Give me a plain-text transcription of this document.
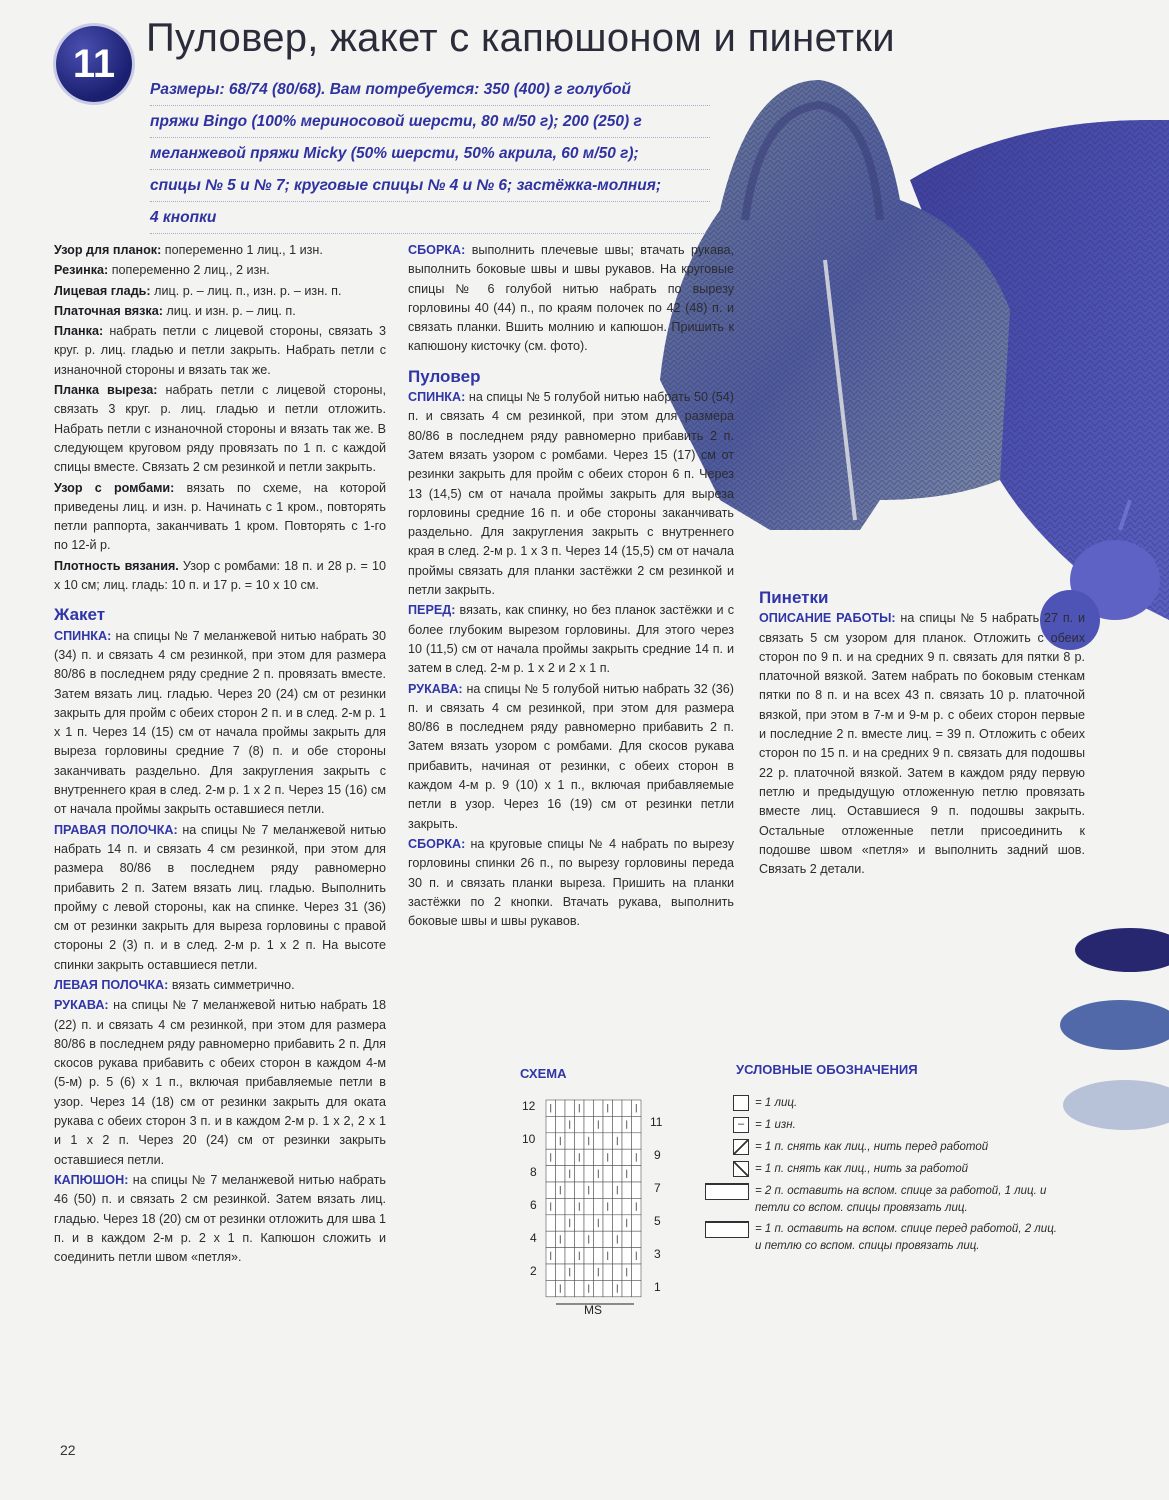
11
Пуловер, жакет с капюшоном и пинетки

Размеры: 68/74 (80/68). Вам потребуется: 350 (400) г голубой

пряжи Bingo (100% мериносовой шерсти, 80 м/50 г); 200 (250) г

меланжевой пряжи Micky (50% шерсти, 50% акрила, 60 м/50 г);

спицы № 5 и № 7; круговые спицы № 4 и № 6; застёжка-молния;

4 кнопки

Узор для планок: попеременно 1 лиц., 1 изн.

Резинка: попеременно 2 лиц., 2 изн.

Лицевая гладь: лиц. р. – лиц. п., изн. р. – изн. п.

Платочная вязка: лиц. и изн. р. – лиц. п.

Планка: набрать петли с лицевой стороны, связать 3 круг. р. лиц. гладью и петли закрыть. Набрать петли с изнаночной стороны и вязать так же.

Планка выреза: набрать петли с лицевой стороны, связать 3 круг. р. лиц. гладью и петли отложить. Набрать петли с изнаночной стороны и вязать так же. В следующем круговом ряду провязать по 1 п. с каждой спицы вместе. Связать 2 см резинкой и петли закрыть.

Узор с ромбами: вязать по схеме, на которой приведены лиц. и изн. р. Начинать с 1 кром., повторять петли раппорта, заканчивать 1 кром. Повторять с 1-го по 12-й р.

Плотность вязания. Узор с ромбами: 18 п. и 28 р. = 10 х 10 см; лиц. гладь: 10 п. и 17 р. = 10 х 10 см.

Жакет

СПИНКА: на спицы № 7 меланжевой нитью набрать 30 (34) п. и связать 4 см резинкой, при этом для размера 80/86 в последнем ряду средние 2 п. провязать вместе. Затем вязать лиц. гладью. Через 20 (24) см от резинки закрыть для пройм с обеих сторон 2 п. и в след. 2-м р. 1 х 1 п. Через 14 (15) см от начала проймы закрыть для выреза горловины средние 7 (8) п. и обе стороны заканчивать раздельно. Для закругления закрыть с внутреннего края в след. 2-м р. 1 х 2 п. Через 15 (16) см от начала проймы закрыть оставшиеся петли.

ПРАВАЯ ПОЛОЧКА: на спицы № 7 меланжевой нитью набрать 14 п. и связать 4 см резинкой, при этом для размера 80/86 в последнем ряду равномерно прибавить 2 п. Затем вязать лиц. гладью. Выполнить пройму с левой стороны, как на спинке. Через 31 (36) см от резинки закрыть для выреза горловины с правой стороны 2 (3) п. и в след. 2-м р. 1 х 2 п. На высоте спинки закрыть оставшиеся петли.

ЛЕВАЯ ПОЛОЧКА: вязать симметрично.

РУКАВА: на спицы № 7 меланжевой нитью набрать 18 (22) п. и связать 4 см резинкой, при этом для размера 80/86 в последнем ряду равномерно прибавить 2 п. Для скосов рукава прибавить с обеих сторон в каждом 4-м (5-м) р. 5 (6) х 1 п., включая прибавляемые петли в узор. Через 14 (18) см от резинки закрыть для оката рукава с обеих сторон 3 п. и в каждом 2-м р. 1 х 2, 2 х 1 и 1 х 2 п. Через 20 (24) см от резинки закрыть оставшиеся петли.

КАПЮШОН: на спицы № 7 меланжевой нитью набрать 46 (50) п. и связать 2 см резинкой. Затем вязать лиц. гладью. Через 18 (20) см от резинки отложить для шва 1 п. и в каждом 2-м р. 2 х 1 п. Капюшон сложить и соединить петли швом «петля».

СБОРКА: выполнить плечевые швы; втачать рукава, выполнить боковые швы и швы рукавов. На круговые спицы № 6 голубой нитью набрать по вырезу горловины 40 (44) п., по краям полочек по 42 (48) п. и связать планки. Вшить молнию и капюшон. Пришить к капюшону кисточку (см. фото).

Пуловер

СПИНКА: на спицы № 5 голубой нитью набрать 50 (54) п. и связать 4 см резинкой, при этом для размера 80/86 в последнем ряду равномерно прибавить 2 п. Затем вязать узором с ромбами. Через 15 (17) см от резинки закрыть для пройм с обеих сторон 6 п. Через 13 (14,5) см от начала проймы закрыть для выреза горловины средние 16 п. и обе стороны заканчивать раздельно. Для закругления закрыть с внутреннего края в след. 2-м р. 1 х 3 п. Через 14 (15,5) см от начала проймы связать для планки застёжки 2 см резинкой и петли закрыть.

ПЕРЕД: вязать, как спинку, но без планок застёжки и с более глубоким вырезом горловины. Для этого через 10 (11,5) см от начала проймы закрыть средние 14 п. и затем в след. 2-м р. 1 х 2 и 2 х 1 п.

РУКАВА: на спицы № 5 голубой нитью набрать 32 (36) п. и связать 4 см резинкой, при этом для размера 80/86 в последнем ряду равномерно прибавить 2 п. Затем вязать узором с ромбами. Для скосов рукава прибавить, начиная от резинки, с обеих сторон в каждом 4-м р. 9 (10) х 1 п., включая прибавляемые петли в узор. Через 16 (19) см от резинки петли закрыть.

СБОРКА: на круговые спицы № 4 набрать по вырезу горловины спинки 26 п., по вырезу горловины переда 30 п. и связать планки выреза. Пришить на планки застёжки по 2 кнопки. Втачать рукава, выполнить боковые швы и швы рукавов.

Пинетки

ОПИСАНИЕ РАБОТЫ: на спицы № 5 набрать 27 п. и связать 5 см узором для планок. Отложить с обеих сторон по 9 п. и на средних 9 п. связать для пятки 8 р. платочной вязкой. Затем набрать по боковым стенкам пятки по 8 п. и на всех 43 п. связать 10 р. платочной вязкой, при этом в 7-м и 9-м р. с обеих сторон первые и последние 2 п. вместе лиц. = 39 п. Отложить с обеих сторон по 15 п. и на средних 9 п. связать для подошвы 22 р. платочной вязкой. Затем в каждом ряду первую петлю и предыдущую отложенную петлю провязать вместе лиц. Оставшиеся 9 п. подошвы закрыть. Остальные отложенные петли присоединить к подошве швом «петля» и выполнить задний шов. Связать 2 детали.

СХЕМА
12
10
8
6
4
2
11
9
7
5
3
1
MS
УСЛОВНЫЕ ОБОЗНАЧЕНИЯ
= 1 лиц.
– = 1 изн.
= 1 п. снять как лиц., нить перед работой
= 1 п. снять как лиц., нить за работой
= 2 п. оставить на вспом. спице за работой, 1 лиц. и петли со вспом. спицы провязать лиц.
= 1 п. оставить на вспом. спице перед работой, 2 лиц. и петлю со вспом. спицы провязать лиц.
22
